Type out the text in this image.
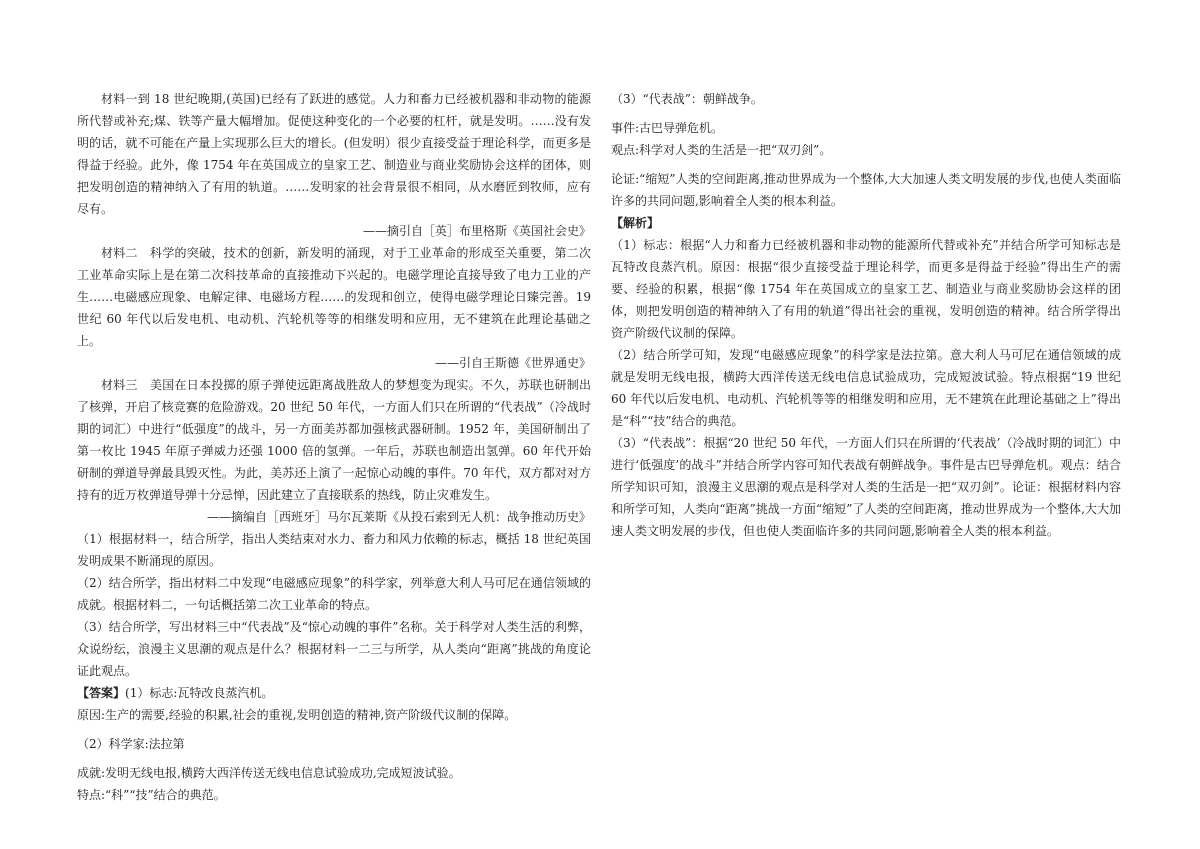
材料一到 18 世纪晚期,(英国)已经有了跃进的感觉。人力和畜力已经被机器和非动物的能源所代替或补充;煤、铁等产量大幅增加。促使这种变化的一个必要的杠杆，就是发明。……没有发明的话，就不可能在产量上实现那么巨大的增长。(但发明）很少直接受益于理论科学，而更多是得益于经验。此外，像 1754 年在英国成立的皇家工艺、制造业与商业奖励协会这样的团体，则把发明创造的精神纳入了有用的轨道。……发明家的社会背景很不相同，从水磨匠到牧师，应有尽有。

——摘引自［英］布里格斯《英国社会史》

材料二　科学的突破，技术的创新，新发明的涌现，对于工业革命的形成至关重要，第二次工业革命实际上是在第二次科技革命的直接推动下兴起的。电磁学理论直接导致了电力工业的产生……电磁感应现象、电解定律、电磁场方程……的发现和创立，使得电磁学理论日臻完善。19 世纪 60 年代以后发电机、电动机、汽轮机等等的相继发明和应用，无不建筑在此理论基础之上。

——引自王斯德《世界通史》

材料三　美国在日本投掷的原子弹使远距离战胜敌人的梦想变为现实。不久，苏联也研制出了核弹，开启了核竞赛的危险游戏。20 世纪 50 年代，一方面人们只在所谓的“代表战”（冷战时期的词汇）中进行“低强度”的战斗，另一方面美苏都加强核武器研制。1952 年，美国研制出了第一枚比 1945 年原子弹威力还强 1000 倍的氢弹。一年后，苏联也制造出氢弹。60 年代开始研制的弹道导弹最具毁灭性。为此，美苏还上演了一起惊心动魄的事件。70 年代，双方都对对方持有的近万枚弹道导弹十分忌惮，因此建立了直接联系的热线，防止灾难发生。

——摘编自［西班牙］马尔瓦莱斯《从投石索到无人机：战争推动历史》

（1）根据材料一，结合所学，指出人类结束对水力、畜力和风力依赖的标志，概括 18 世纪英国发明成果不断涌现的原因。

（2）结合所学，指出材料二中发现“电磁感应现象”的科学家，列举意大利人马可尼在通信领域的成就。根据材料二，一句话概括第二次工业革命的特点。

（3）结合所学，写出材料三中“代表战”及“惊心动魄的事件”名称。关于科学对人类生活的利弊，众说纷纭，浪漫主义思潮的观点是什么？根据材料一二三与所学，从人类向“距离”挑战的角度论证此观点。

【答案】(1）标志:瓦特改良蒸汽机。

原因:生产的需要,经验的积累,社会的重视,发明创造的精神,资产阶级代议制的保障。

（2）科学家:法拉第

成就:发明无线电报,横跨大西洋传送无线电信息试验成功,完成短波试验。

特点:“科”“技”结合的典范。

（3）“代表战”：朝鲜战争。

事件:古巴导弹危机。

观点:科学对人类的生活是一把“双刃剑”。

论证:“缩短”人类的空间距离,推动世界成为一个整体,大大加速人类文明发展的步伐,也使人类面临许多的共同问题,影响着全人类的根本利益。

【解析】

（1）标志：根据“人力和畜力已经被机器和非动物的能源所代替或补充”并结合所学可知标志是瓦特改良蒸汽机。原因：根据“很少直接受益于理论科学，而更多是得益于经验”得出生产的需要、经验的积累，根据“像 1754 年在英国成立的皇家工艺、制造业与商业奖励协会这样的团体，则把发明创造的精神纳入了有用的轨道”得出社会的重视，发明创造的精神。结合所学得出资产阶级代议制的保障。

（2）结合所学可知，发现“电磁感应现象”的科学家是法拉第。意大利人马可尼在通信领域的成就是发明无线电报，横跨大西洋传送无线电信息试验成功，完成短波试验。特点根据“19 世纪 60 年代以后发电机、电动机、汽轮机等等的相继发明和应用，无不建筑在此理论基础之上”得出是“科”“技”结合的典范。

（3）“代表战”：根据“20 世纪 50 年代，一方面人们只在所谓的‘代表战’（冷战时期的词汇）中进行‘低强度’的战斗”并结合所学内容可知代表战有朝鲜战争。事件是古巴导弹危机。观点：结合所学知识可知，浪漫主义思潮的观点是科学对人类的生活是一把“双刃剑”。论证：根据材料内容和所学可知，人类向“距离”挑战一方面“缩短”了人类的空间距离，推动世界成为一个整体,大大加速人类文明发展的步伐，但也使人类面临许多的共同问题,影响着全人类的根本利益。
